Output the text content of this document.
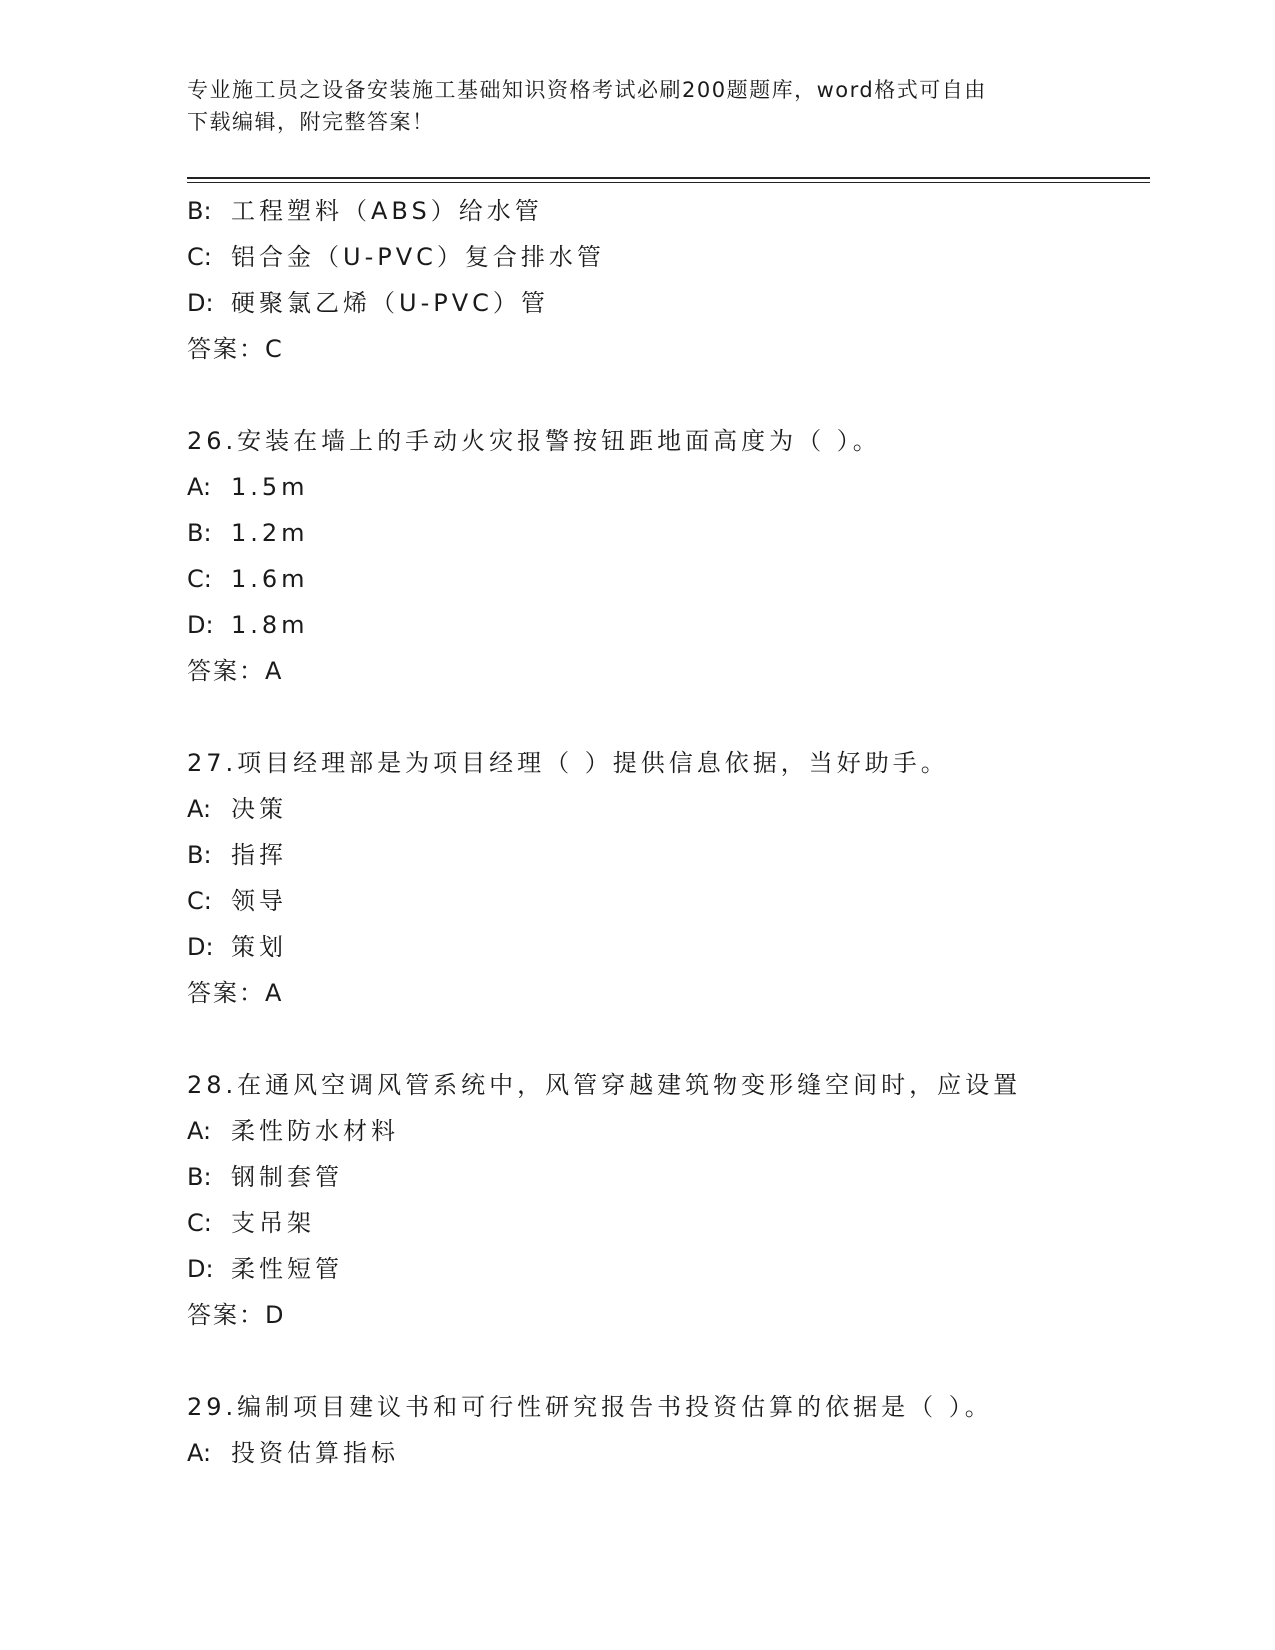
专业施工员之设备安装施工基础知识资格考试必刷200题题库，word格式可自由
下载编辑，附完整答案！
B: 工程塑料（ABS）给水管
C: 铝合金（U-PVC）复合排水管
D: 硬聚氯乙烯（U-PVC）管
答案：C
26.安装在墙上的手动火灾报警按钮距地面高度为（ ）。
A: 1.5m
B: 1.2m
C: 1.6m
D: 1.8m
答案：A
27.项目经理部是为项目经理（ ）提供信息依据，当好助手。
A: 决策
B: 指挥
C: 领导
D: 策划
答案：A
28.在通风空调风管系统中，风管穿越建筑物变形缝空间时，应设置
A: 柔性防水材料
B: 钢制套管
C: 支吊架
D: 柔性短管
答案：D
29.编制项目建议书和可行性研究报告书投资估算的依据是（ ）。
A: 投资估算指标
